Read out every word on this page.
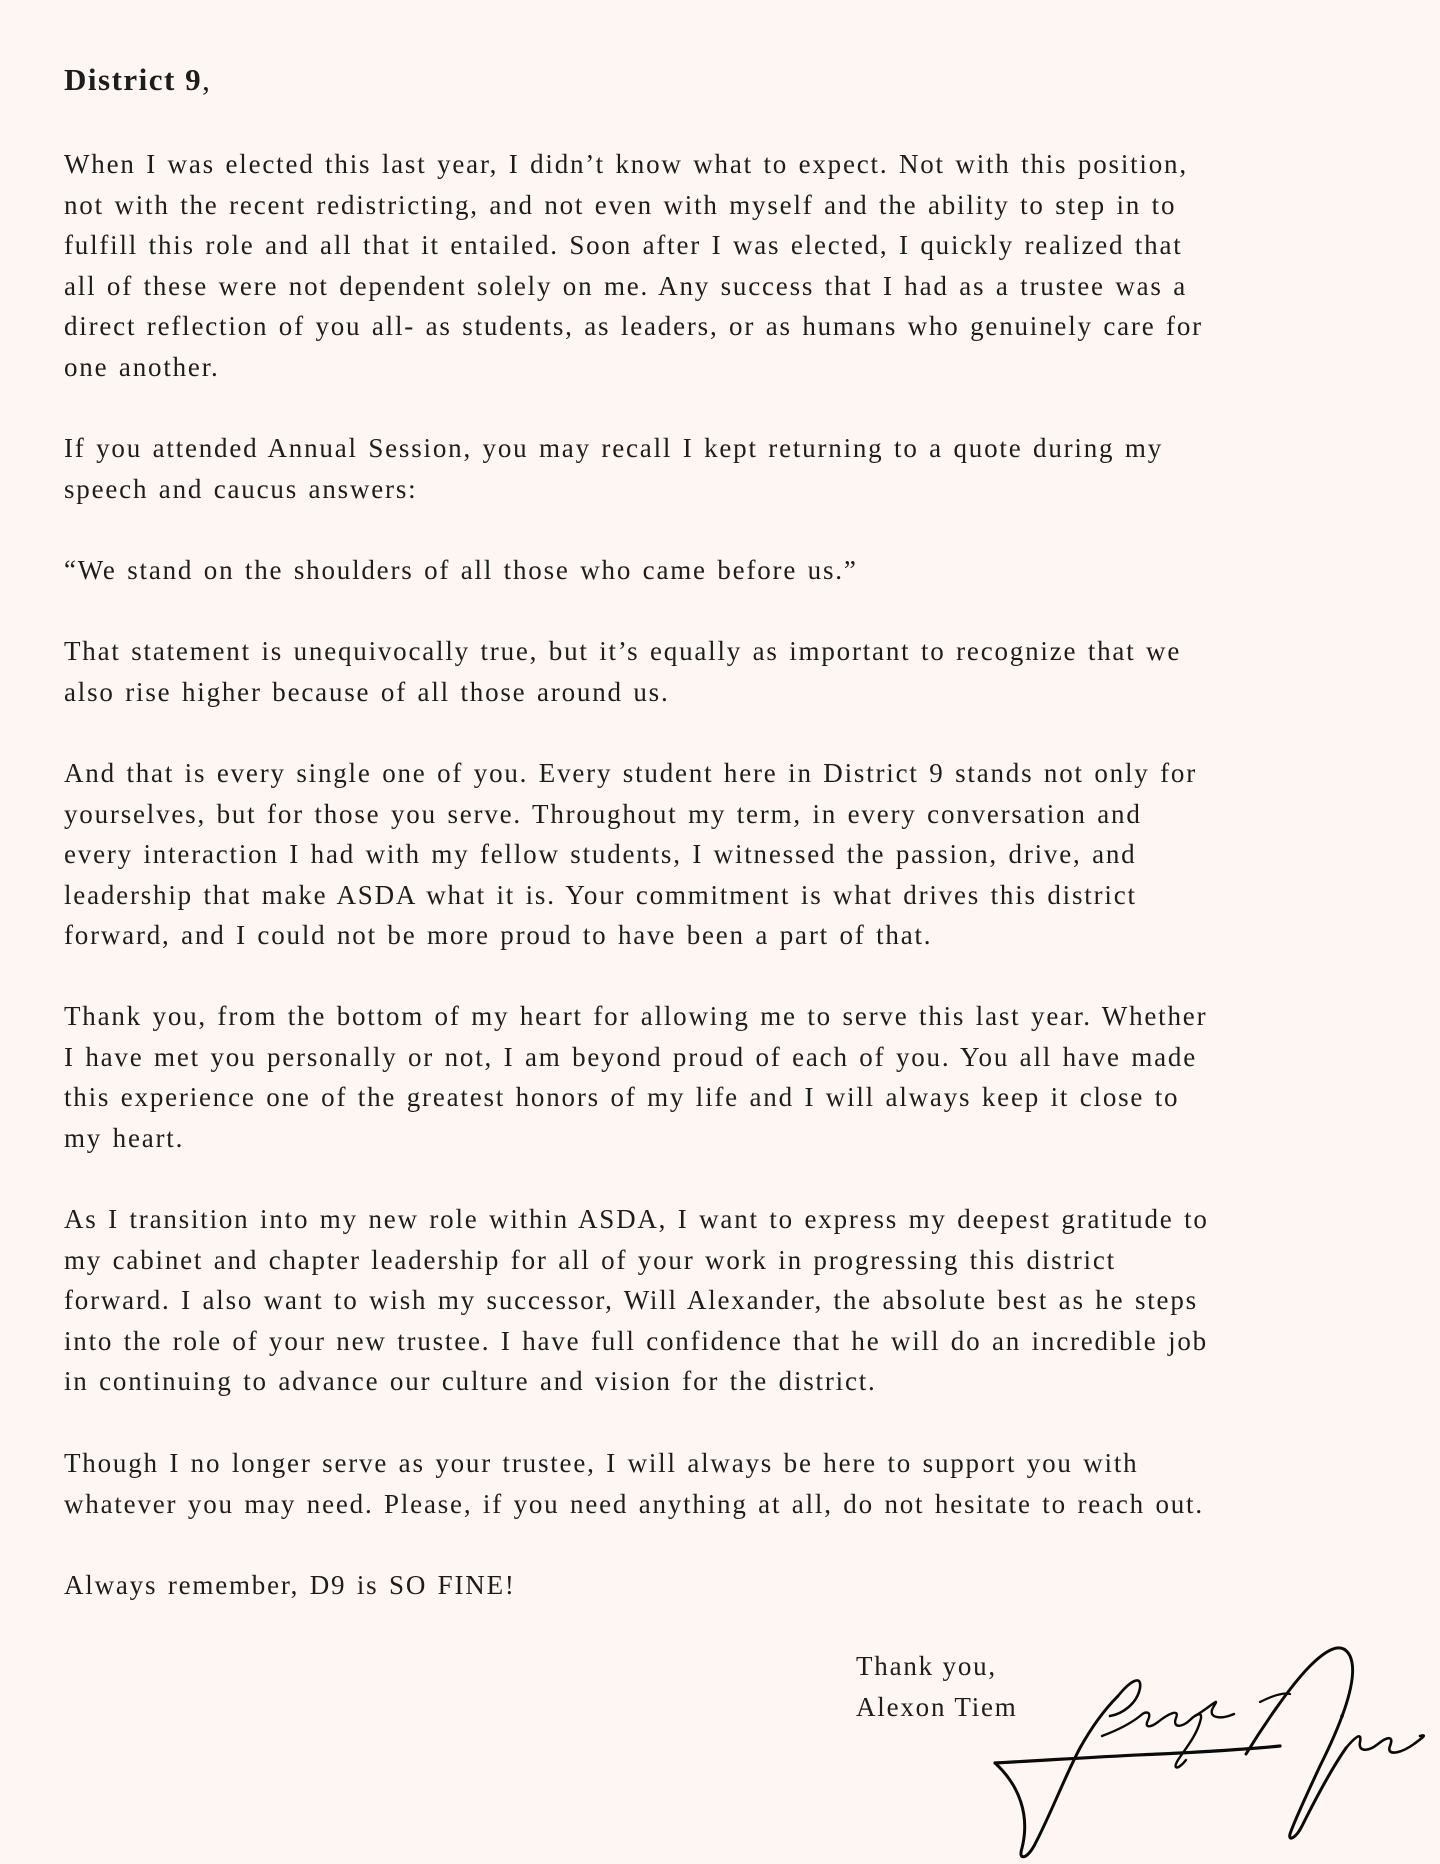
District 9,

When I was elected this last year, I didn’t know what to expect. Not with this position,
not with the recent redistricting, and not even with myself and the ability to step in to
fulfill this role and all that it entailed. Soon after I was elected, I quickly realized that
all of these were not dependent solely on me. Any success that I had as a trustee was a
direct reflection of you all- as students, as leaders, or as humans who genuinely care for
one another.

If you attended Annual Session, you may recall I kept returning to a quote during my
speech and caucus answers:

“We stand on the shoulders of all those who came before us.”

That statement is unequivocally true, but it’s equally as important to recognize that we
also rise higher because of all those around us.

And that is every single one of you. Every student here in District 9 stands not only for
yourselves, but for those you serve. Throughout my term, in every conversation and
every interaction I had with my fellow students, I witnessed the passion, drive, and
leadership that make ASDA what it is. Your commitment is what drives this district
forward, and I could not be more proud to have been a part of that.

Thank you, from the bottom of my heart for allowing me to serve this last year. Whether
I have met you personally or not, I am beyond proud of each of you. You all have made
this experience one of the greatest honors of my life and I will always keep it close to
my heart.

As I transition into my new role within ASDA, I want to express my deepest gratitude to
my cabinet and chapter leadership for all of your work in progressing this district
forward. I also want to wish my successor, Will Alexander, the absolute best as he steps
into the role of your new trustee. I have full confidence that he will do an incredible job
in continuing to advance our culture and vision for the district.

Though I no longer serve as your trustee, I will always be here to support you with
whatever you may need. Please, if you need anything at all, do not hesitate to reach out.

Always remember, D9 is SO FINE!

Thank you,
Alexon Tiem
